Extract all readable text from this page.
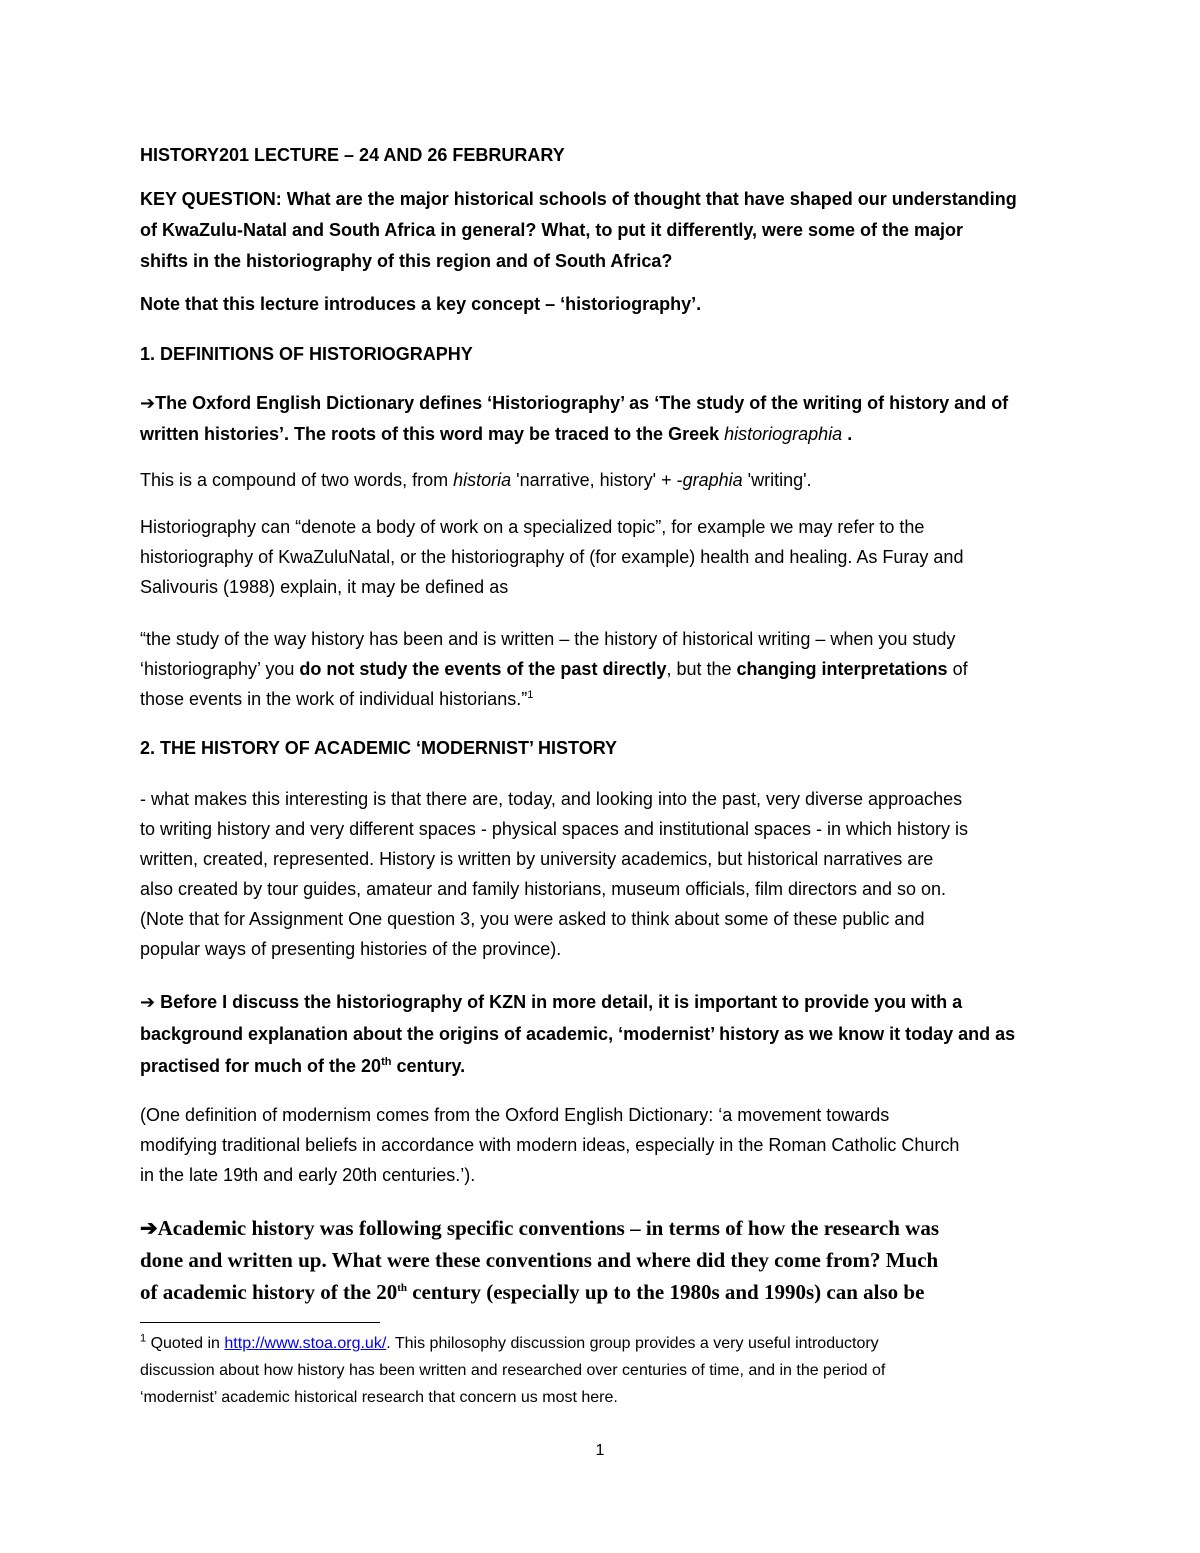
HISTORY201 LECTURE – 24 AND 26 FEBRURARY
KEY QUESTION: What are the major historical schools of thought that have shaped our understanding
of KwaZulu-Natal and South Africa in general? What, to put it differently, were some of the major
shifts in the historiography of this region and of South Africa?
Note that this lecture introduces a key concept – ‘historiography’.
1. DEFINITIONS OF HISTORIOGRAPHY
➔The Oxford English Dictionary defines ‘Historiography’ as ‘The study of the writing of history and of
written histories’. The roots of this word may be traced to the Greek historiographia .
This is a compound of two words, from historia 'narrative, history' + -graphia 'writing'.
Historiography can “denote a body of work on a specialized topic”, for example we may refer to the
historiography of KwaZuluNatal, or the historiography of (for example) health and healing. As Furay and
Salivouris (1988) explain, it may be defined as
“the study of the way history has been and is written – the history of historical writing – when you study
‘historiography’ you do not study the events of the past directly, but the changing interpretations of
those events in the work of individual historians.”$^1$
2. THE HISTORY OF ACADEMIC ‘MODERNIST’ HISTORY
- what makes this interesting is that there are, today, and looking into the past, very diverse approaches
to writing history and very different spaces - physical spaces and institutional spaces - in which history is
written, created, represented. History is written by university academics, but historical narratives are
also created by tour guides, amateur and family historians, museum officials, film directors and so on.
(Note that for Assignment One question 3, you were asked to think about some of these public and
popular ways of presenting histories of the province).
➔ Before I discuss the historiography of KZN in more detail, it is important to provide you with a
background explanation about the origins of academic, ‘modernist’ history as we know it today and as
practised for much of the 20th century.
(One definition of modernism comes from the Oxford English Dictionary: ‘a movement towards
modifying traditional beliefs in accordance with modern ideas, especially in the Roman Catholic Church
in the late 19th and early 20th centuries.’).
➔Academic history was following specific conventions – in terms of how the research was
done and written up. What were these conventions and where did they come from? Much
of academic history of the 20th century (especially up to the 1980s and 1990s) can also be
$^1$ Quoted in http://www.stoa.org.uk/. This philosophy discussion group provides a very useful introductory
discussion about how history has been written and researched over centuries of time, and in the period of
‘modernist’ academic historical research that concern us most here.
1
